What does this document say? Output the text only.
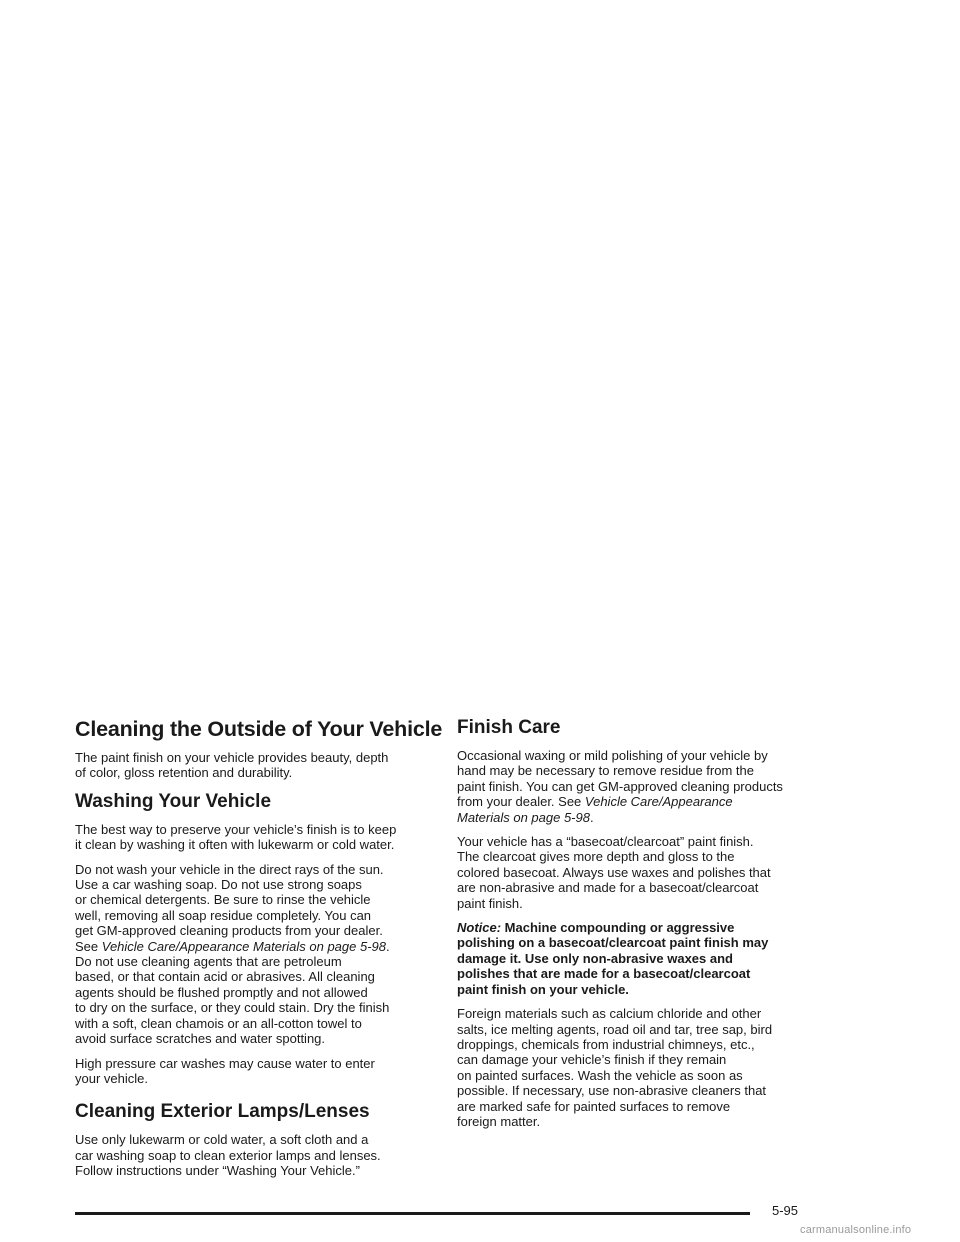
Cleaning the Outside of Your Vehicle

The paint finish on your vehicle provides beauty, depth
of color, gloss retention and durability.

Washing Your Vehicle

The best way to preserve your vehicle’s finish is to keep
it clean by washing it often with lukewarm or cold water.

Do not wash your vehicle in the direct rays of the sun.
Use a car washing soap. Do not use strong soaps
or chemical detergents. Be sure to rinse the vehicle
well, removing all soap residue completely. You can
get GM-approved cleaning products from your dealer.
See Vehicle Care/Appearance Materials on page 5-98.
Do not use cleaning agents that are petroleum
based, or that contain acid or abrasives. All cleaning
agents should be flushed promptly and not allowed
to dry on the surface, or they could stain. Dry the finish
with a soft, clean chamois or an all-cotton towel to
avoid surface scratches and water spotting.

High pressure car washes may cause water to enter
your vehicle.

Cleaning Exterior Lamps/Lenses

Use only lukewarm or cold water, a soft cloth and a
car washing soap to clean exterior lamps and lenses.
Follow instructions under “Washing Your Vehicle.”

Finish Care

Occasional waxing or mild polishing of your vehicle by
hand may be necessary to remove residue from the
paint finish. You can get GM-approved cleaning products
from your dealer. See Vehicle Care/Appearance
Materials on page 5-98.

Your vehicle has a “basecoat/clearcoat” paint finish.
The clearcoat gives more depth and gloss to the
colored basecoat. Always use waxes and polishes that
are non-abrasive and made for a basecoat/clearcoat
paint finish.

Notice: Machine compounding or aggressive
polishing on a basecoat/clearcoat paint finish may
damage it. Use only non-abrasive waxes and
polishes that are made for a basecoat/clearcoat
paint finish on your vehicle.

Foreign materials such as calcium chloride and other
salts, ice melting agents, road oil and tar, tree sap, bird
droppings, chemicals from industrial chimneys, etc.,
can damage your vehicle’s finish if they remain
on painted surfaces. Wash the vehicle as soon as
possible. If necessary, use non-abrasive cleaners that
are marked safe for painted surfaces to remove
foreign matter.

5-95
carmanualsonline.info
